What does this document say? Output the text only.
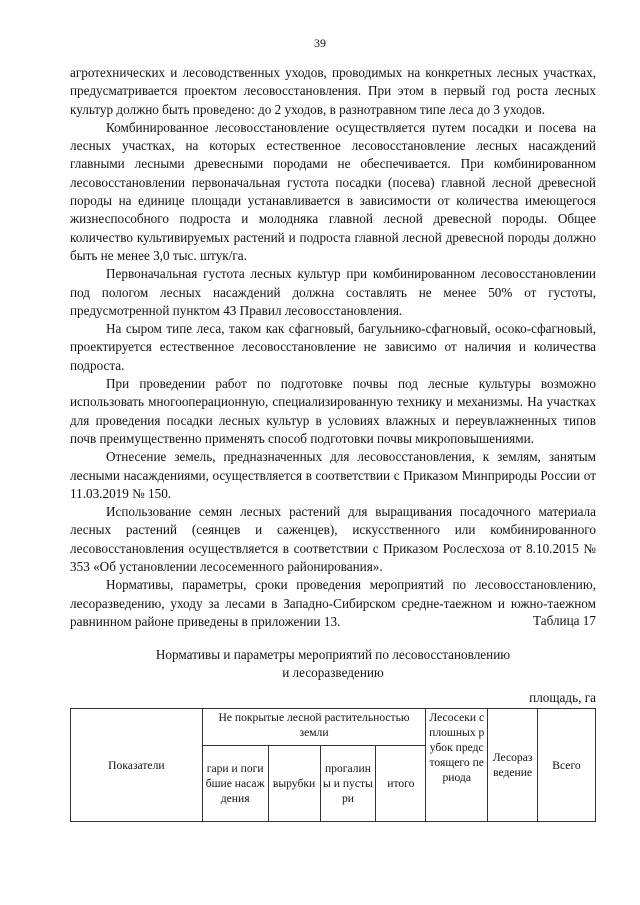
39

агротехнических и лесоводственных уходов, проводимых на конкретных лесных участках, предусматривается проектом лесовосстановления. При этом в первый год роста лесных культур должно быть проведено: до 2 уходов, в разнотравном типе леса до 3 уходов.

Комбинированное лесовосстановление осуществляется путем посадки и посева на лесных участках, на которых естественное лесовосстановление лесных насаждений главными лесными древесными породами не обеспечивается. При комбинированном лесовосстановлении первоначальная густота посадки (посева) главной лесной древесной породы на единице площади устанавливается в зависимости от количества имеющегося жизнеспособного подроста и молодняка главной лесной древесной породы. Общее количество культивируемых растений и подроста главной лесной древесной породы должно быть не менее 3,0 тыс. штук/га.

Первоначальная густота лесных культур при комбинированном лесовосстановлении под пологом лесных насаждений должна составлять не менее 50% от густоты, предусмотренной пунктом 43 Правил лесовосстановления.

На сыром типе леса, таком как сфагновый, багульнико-сфагновый, осоко-сфагновый, проектируется естественное лесовосстановление не зависимо от наличия и количества подроста.

При проведении работ по подготовке почвы под лесные культуры возможно использовать многооперационную, специализированную технику и механизмы. На участках для проведения посадки лесных культур в условиях влажных и переувлажненных типов почв преимущественно применять способ подготовки почвы микроповышениями.

Отнесение земель, предназначенных для лесовосстановления, к землям, занятым лесными насаждениями, осуществляется в соответствии с Приказом Минприроды России от 11.03.2019 № 150.

Использование семян лесных растений для выращивания посадочного материала лесных растений (сеянцев и саженцев), искусственного или комбинированного лесовосстановления осуществляется в соответствии с Приказом Рослесхоза от 8.10.2015 № 353 «Об установлении лесосеменного районирования».

Нормативы, параметры, сроки проведения мероприятий по лесовосстановлению, лесоразведению, уходу за лесами в Западно-Сибирском средне-таежном и южно-таежном равнинном районе приведены в приложении 13.	Таблица 17
Нормативы и параметры мероприятий по лесовосстановлению
и лесоразведению
площадь, га
Показатели	Не покрытые лесной растительностью земли				Лесосеки сплошных рубок предстоящего периода	Лесоразведение	Всего
	гари и погибшие насаждения	вырубки	прогалины и пустыри	итого			
